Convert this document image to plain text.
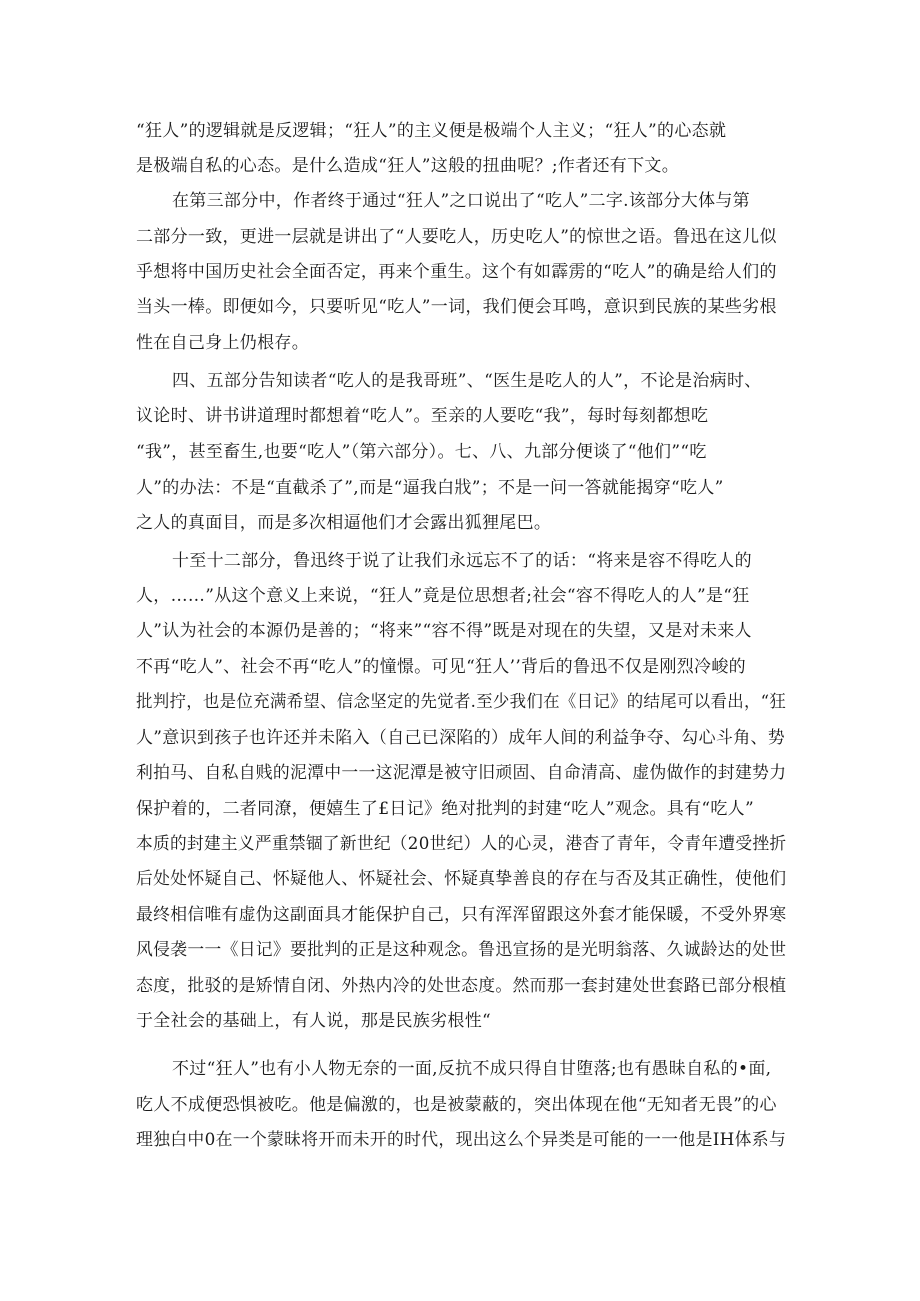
“狂人”的逻辑就是反逻辑；“狂人”的主义便是极端个人主义；“狂人”的心态就
是极端自私的心态。是什么造成“狂人”这般的扭曲呢？;作者还有下文。
在第三部分中，作者终于通过“狂人”之口说出了“吃人”二字.该部分大体与第
二部分一致，更进一层就是讲出了“人要吃人，历史吃人”的惊世之语。鲁迅在这儿似
乎想将中国历史社会全面否定，再来个重生。这个有如霹雳的“吃人”的确是给人们的
当头一棒。即便如今，只要听见“吃人”一词，我们便会耳鸣，意识到民族的某些劣根
性在自己身上仍根存。
四、五部分告知读者“吃人的是我哥班”、“医生是吃人的人”，不论是治病时、
议论时、讲书讲道理时都想着“吃人”。至亲的人要吃“我”，每时每刻都想吃
“我”，甚至畜生,也要“吃人”（第六部分）。七、八、九部分便谈了“他们”“吃
人”的办法：不是“直截杀了”,而是“逼我白戕”；不是一问一答就能揭穿“吃人”
之人的真面目，而是多次相逼他们才会露出狐狸尾巴。
十至十二部分，鲁迅终于说了让我们永远忘不了的话：“将来是容不得吃人的
人，……”从这个意义上来说，“狂人”竟是位思想者;社会“容不得吃人的人”是“狂
人”认为社会的本源仍是善的；“将来”“容不得”既是对现在的失望，又是对未来人
不再“吃人”、社会不再“吃人”的憧憬。可见“狂人’’背后的鲁迅不仅是刚烈冷峻的
批判拧，也是位充满希望、信念坚定的先觉者.至少我们在《日记》的结尾可以看出，“狂
人”意识到孩子也许还并未陷入（自己已深陷的）成年人间的利益争夺、勾心斗角、势
利拍马、自私自贱的泥潭中一一这泥潭是被守旧顽固、自命清高、虚伪做作的封建势力
保护着的，二者同潦，便嬉生了£日记》绝对批判的封建“吃人”观念。具有“吃人”
本质的封建主义严重禁锢了新世纪（20世纪）人的心灵，港杳了青年，令青年遭受挫折
后处处怀疑自己、怀疑他人、怀疑社会、怀疑真挚善良的存在与否及其正确性，使他们
最终相信唯有虚伪这副面具才能保护自己，只有浑浑留跟这外套才能保暖，不受外界寒
风侵袭一一《日记》要批判的正是这种观念。鲁迅宣扬的是光明翁落、久诚龄达的处世
态度，批驳的是矫情自闭、外热内冷的处世态度。然而那一套封建处世套路已部分根植
于全社会的基础上，有人说，那是民族劣根性“
不过“狂人”也有小人物无奈的一面,反抗不成只得自甘堕落;也有愚昧自私的•面,
吃人不成便恐惧被吃。他是偏激的，也是被蒙蔽的，突出体现在他“无知者无畏”的心
理独白中0在一个蒙昧将开而未开的时代，现出这么个异类是可能的一一他是IH体系与
